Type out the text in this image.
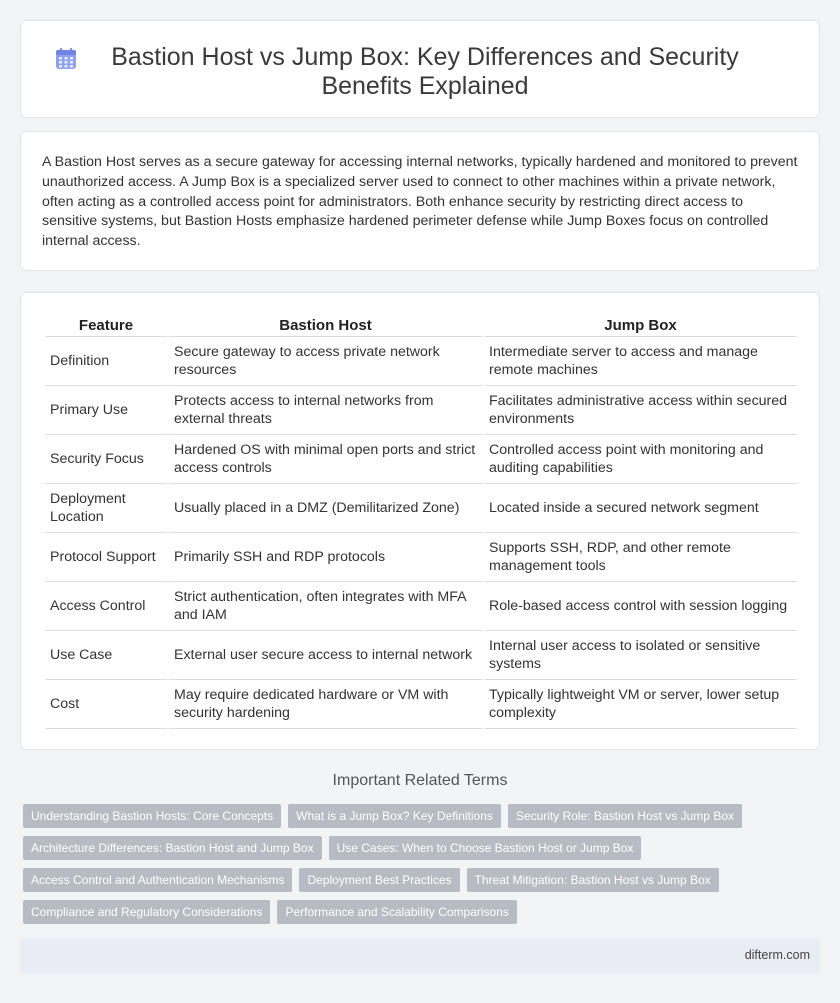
Bastion Host vs Jump Box: Key Differences and Security Benefits Explained

A Bastion Host serves as a secure gateway for accessing internal networks, typically hardened and monitored to prevent unauthorized access. A Jump Box is a specialized server used to connect to other machines within a private network, often acting as a controlled access point for administrators. Both enhance security by restricting direct access to sensitive systems, but Bastion Hosts emphasize hardened perimeter defense while Jump Boxes focus on controlled internal access.

Feature	Bastion Host	Jump Box
Definition	Secure gateway to access private network resources	Intermediate server to access and manage remote machines
Primary Use	Protects access to internal networks from external threats	Facilitates administrative access within secured environments
Security Focus	Hardened OS with minimal open ports and strict access controls	Controlled access point with monitoring and auditing capabilities
Deployment Location	Usually placed in a DMZ (Demilitarized Zone)	Located inside a secured network segment
Protocol Support	Primarily SSH and RDP protocols	Supports SSH, RDP, and other remote management tools
Access Control	Strict authentication, often integrates with MFA and IAM	Role-based access control with session logging
Use Case	External user secure access to internal network	Internal user access to isolated or sensitive systems
Cost	May require dedicated hardware or VM with security hardening	Typically lightweight VM or server, lower setup complexity
Important Related Terms
Understanding Bastion Hosts: Core Concepts	What is a Jump Box? Key Definitions	Security Role: Bastion Host vs Jump Box
Architecture Differences: Bastion Host and Jump Box	Use Cases: When to Choose Bastion Host or Jump Box
Access Control and Authentication Mechanisms	Deployment Best Practices	Threat Mitigation: Bastion Host vs Jump Box
Compliance and Regulatory Considerations	Performance and Scalability Comparisons
difterm.com
